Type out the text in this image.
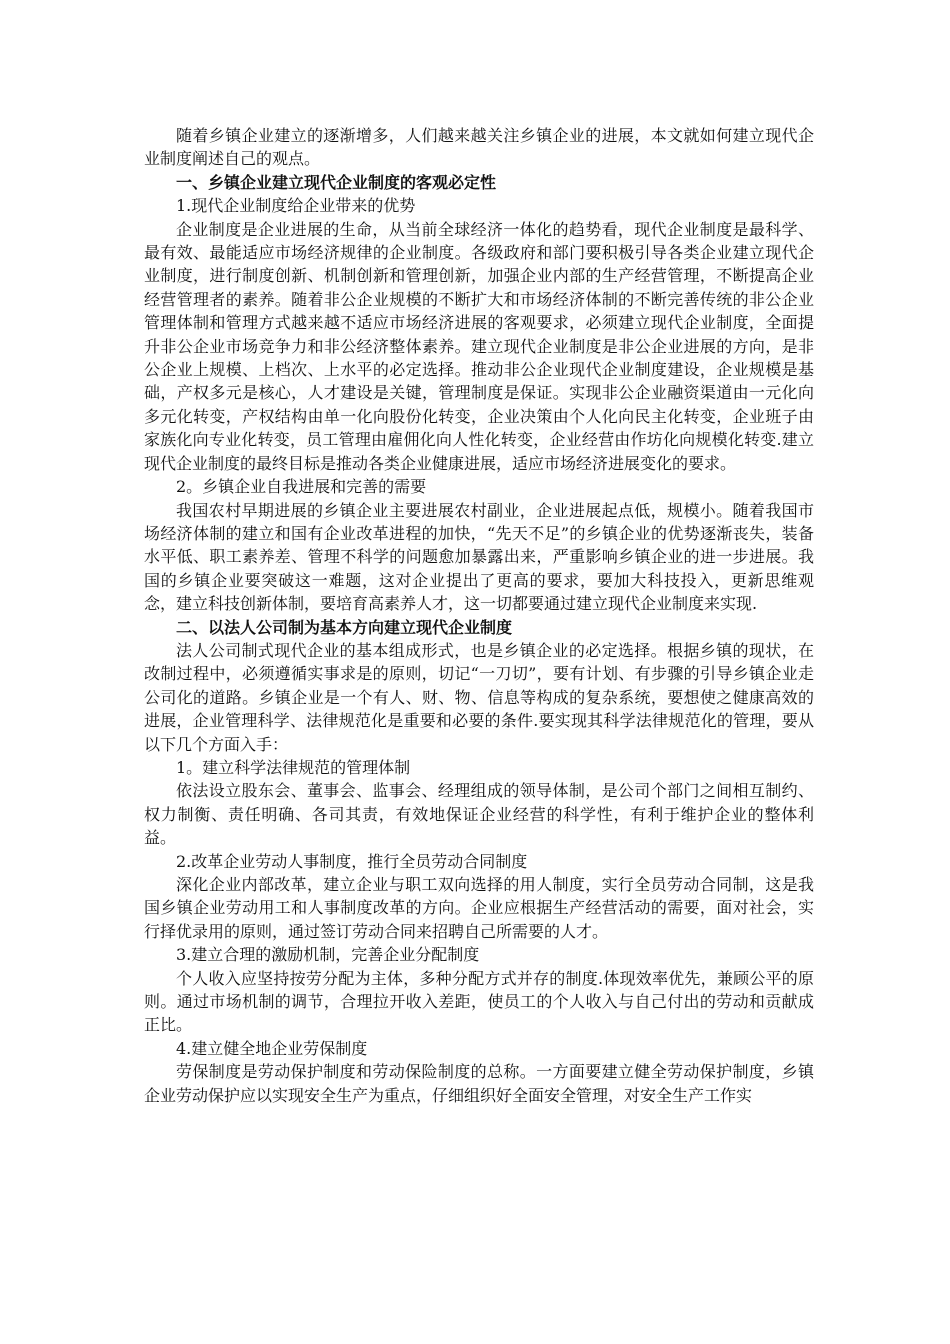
随着乡镇企业建立的逐渐增多，人们越来越关注乡镇企业的进展，本文就如何建立现代企业制度阐述自己的观点。

一、乡镇企业建立现代企业制度的客观必定性

1.现代企业制度给企业带来的优势

企业制度是企业进展的生命，从当前全球经济一体化的趋势看，现代企业制度是最科学、最有效、最能适应市场经济规律的企业制度。各级政府和部门要积极引导各类企业建立现代企业制度，进行制度创新、机制创新和管理创新，加强企业内部的生产经营管理，不断提高企业经营管理者的素养。随着非公企业规模的不断扩大和市场经济体制的不断完善传统的非公企业管理体制和管理方式越来越不适应市场经济进展的客观要求，必须建立现代企业制度，全面提升非公企业市场竞争力和非公经济整体素养。建立现代企业制度是非公企业进展的方向，是非公企业上规模、上档次、上水平的必定选择。推动非公企业现代企业制度建设，企业规模是基础，产权多元是核心，人才建设是关键，管理制度是保证。实现非公企业融资渠道由一元化向多元化转变，产权结构由单一化向股份化转变，企业决策由个人化向民主化转变，企业班子由家族化向专业化转变，员工管理由雇佣化向人性化转变，企业经营由作坊化向规模化转变.建立现代企业制度的最终目标是推动各类企业健康进展，适应市场经济进展变化的要求。

2。乡镇企业自我进展和完善的需要

我国农村早期进展的乡镇企业主要进展农村副业，企业进展起点低，规模小。随着我国市场经济体制的建立和国有企业改革进程的加快，“先天不足”的乡镇企业的优势逐渐丧失，装备水平低、职工素养差、管理不科学的问题愈加暴露出来，严重影响乡镇企业的进一步进展。我国的乡镇企业要突破这一难题，这对企业提出了更高的要求，要加大科技投入，更新思维观念，建立科技创新体制，要培育高素养人才，这一切都要通过建立现代企业制度来实现.

二、以法人公司制为基本方向建立现代企业制度

法人公司制式现代企业的基本组成形式，也是乡镇企业的必定选择。根据乡镇的现状，在改制过程中，必须遵循实事求是的原则，切记“一刀切”，要有计划、有步骤的引导乡镇企业走公司化的道路。乡镇企业是一个有人、财、物、信息等构成的复杂系统，要想使之健康高效的进展，企业管理科学、法律规范化是重要和必要的条件.要实现其科学法律规范化的管理，要从以下几个方面入手：

1。建立科学法律规范的管理体制

依法设立股东会、董事会、监事会、经理组成的领导体制，是公司个部门之间相互制约、权力制衡、责任明确、各司其责，有效地保证企业经营的科学性，有利于维护企业的整体利益。

2.改革企业劳动人事制度，推行全员劳动合同制度

深化企业内部改革，建立企业与职工双向选择的用人制度，实行全员劳动合同制，这是我国乡镇企业劳动用工和人事制度改革的方向。企业应根据生产经营活动的需要，面对社会，实行择优录用的原则，通过签订劳动合同来招聘自己所需要的人才。

3.建立合理的激励机制，完善企业分配制度

个人收入应坚持按劳分配为主体，多种分配方式并存的制度.体现效率优先，兼顾公平的原则。通过市场机制的调节，合理拉开收入差距，使员工的个人收入与自己付出的劳动和贡献成正比。

4.建立健全地企业劳保制度

劳保制度是劳动保护制度和劳动保险制度的总称。一方面要建立健全劳动保护制度，乡镇企业劳动保护应以实现安全生产为重点，仔细组织好全面安全管理，对安全生产工作实
